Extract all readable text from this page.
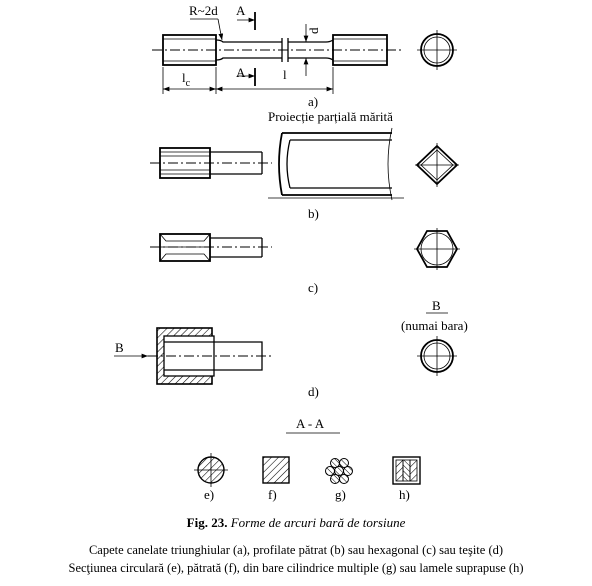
R~2d A
A
d
$l_c$
l
a)
Proiecție parțială mărită
b)
c)
B
B
(numai bara)
d)
A - A
e)	f)	g)	h)
Fig. 23. Forme de arcuri bară de torsiune
Capete canelate triunghiular (a), profilate pătrat (b) sau hexagonal (c) sau teşite (d)
Secţiunea circulară (e), pătrată (f), din bare cilindrice multiple (g) sau lamele suprapuse (h)
